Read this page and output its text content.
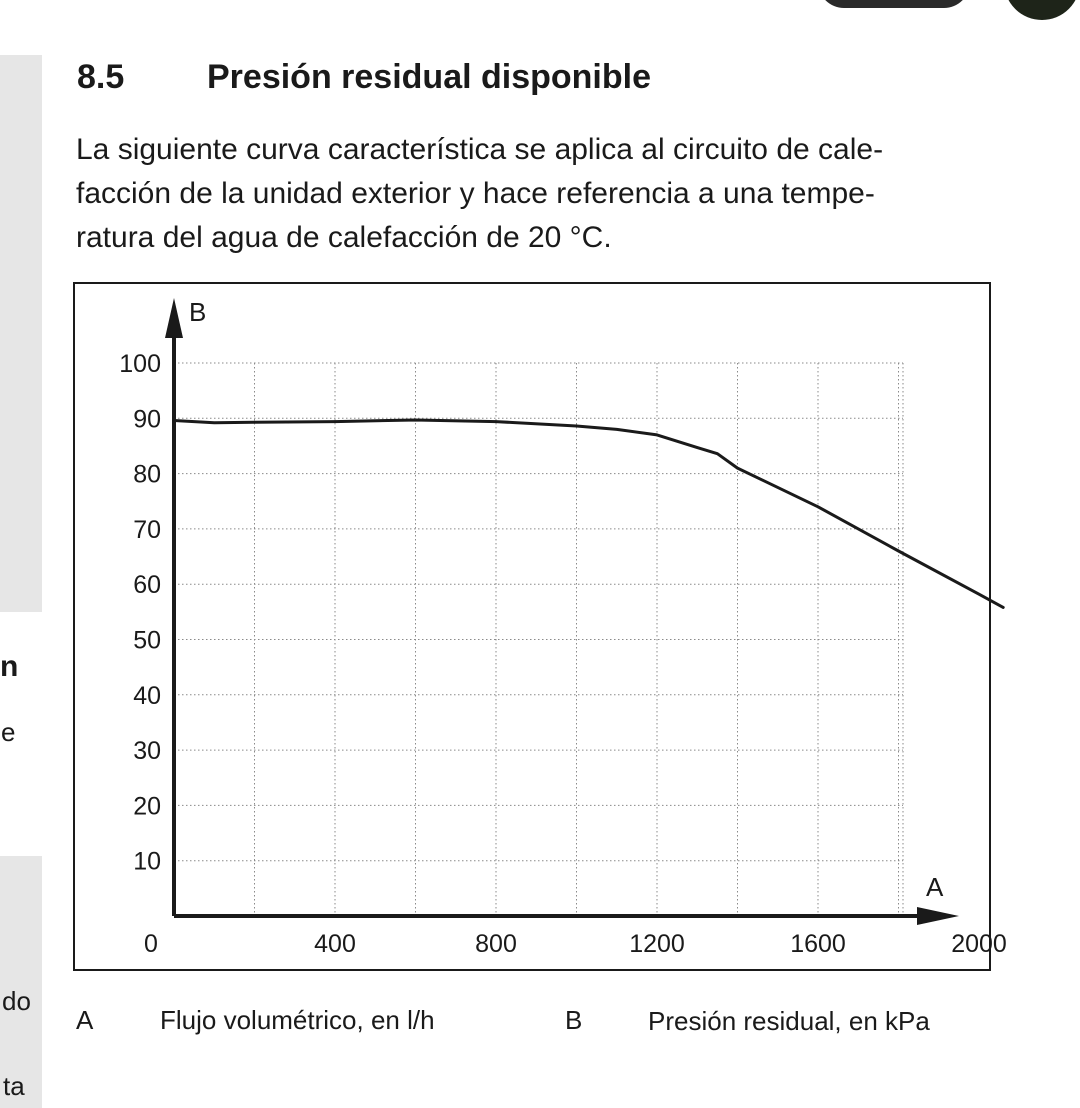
n
e
do
ta
8.5 Presión residual disponible
La siguiente curva característica se aplica al circuito de cale-
facción de la unidad exterior y hace referencia a una tempe-
ratura del agua de calefacción de 20 °C.
A
B
10
20
30
40
50
60
70
80
90
100
0	400	800	1200	1600	2000
A	Flujo volumétrico, en l/h	B	Presión residual, en kPa
